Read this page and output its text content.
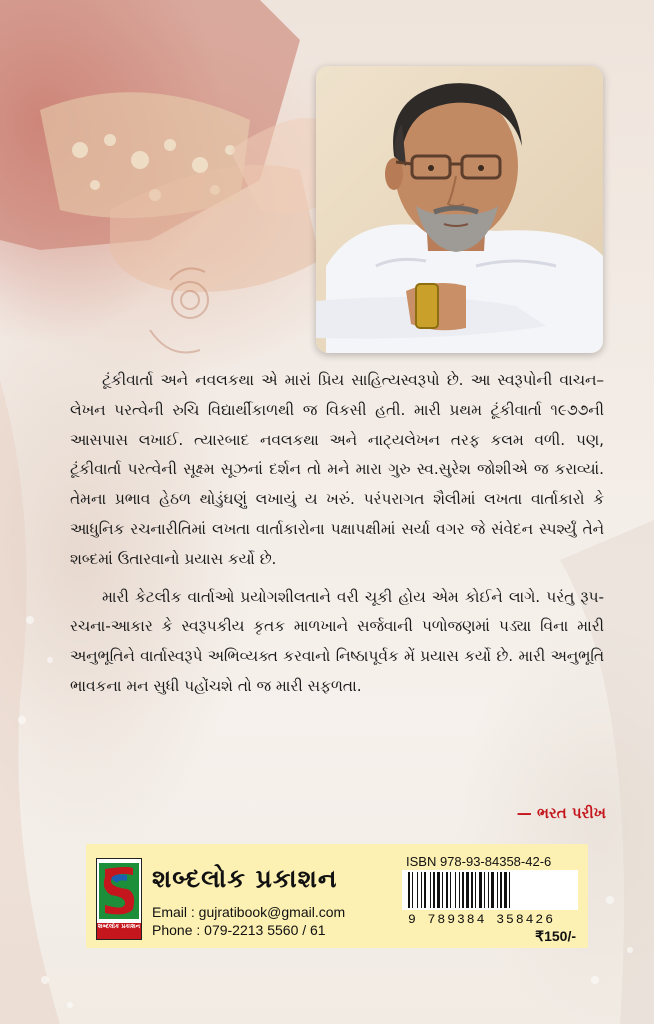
ટૂંકીવાર્તા અને નવલકથા એ મારાં પ્રિય સાહિત્યસ્વરૂપો છે. આ સ્વરૂપોની વાચન–લેખન પરત્વેની રુચિ વિદ્યાર્થીકાળથી જ વિકસી હતી. મારી પ્રથમ ટૂંકીવાર્તા ૧૯૭૭ની આસપાસ લખાઈ. ત્યારબાદ નવલકથા અને નાટ્યલેખન તરફ કલમ વળી. પણ, ટૂંકીવાર્તા પરત્વેની સૂક્ષ્મ સૂઝનાં દર્શન તો મને મારા ગુરુ સ્વ.સુરેશ જોશીએ જ કરાવ્યાં. તેમના પ્રભાવ હેઠળ થોડુંઘણું લખાયું ય ખરું. પરંપરાગત શૈલીમાં લખતા વાર્તાકારો કે આધુનિક રચનારીતિમાં લખતા વાર્તાકારોના પક્ષાપક્ષીમાં સર્યા વગર જે સંવેદન સ્પર્શ્યું તેને શબ્દમાં ઉતારવાનો પ્રયાસ કર્યો છે.

મારી કેટલીક વાર્તાઓ પ્રયોગશીલતાને વરી ચૂકી હોય એમ કોઈને લાગે. પરંતુ રૂપ-રચના-આકાર કે સ્વરૂપકીય કૃતક માળખાને સર્જવાની પળોજણમાં પડ્યા વિના મારી અનુભૂતિને વાર્તાસ્વરૂપે અભિવ્યક્ત કરવાનો નિષ્ઠાપૂર્વક મેં પ્રયાસ કર્યો છે. મારી અનુભૂતિ ભાવકના મન સુધી પહોંચશે તો જ મારી સફળતા.

— ભરત પરીખ
શબ્દલોક પ્રકાશન
શબ્દલોક પ્રકાશન
Email : gujratibook@gmail.com
Phone : 079-2213 5560 / 61
ISBN 978-93-84358-42-6
9 789384 358426
₹150/-
